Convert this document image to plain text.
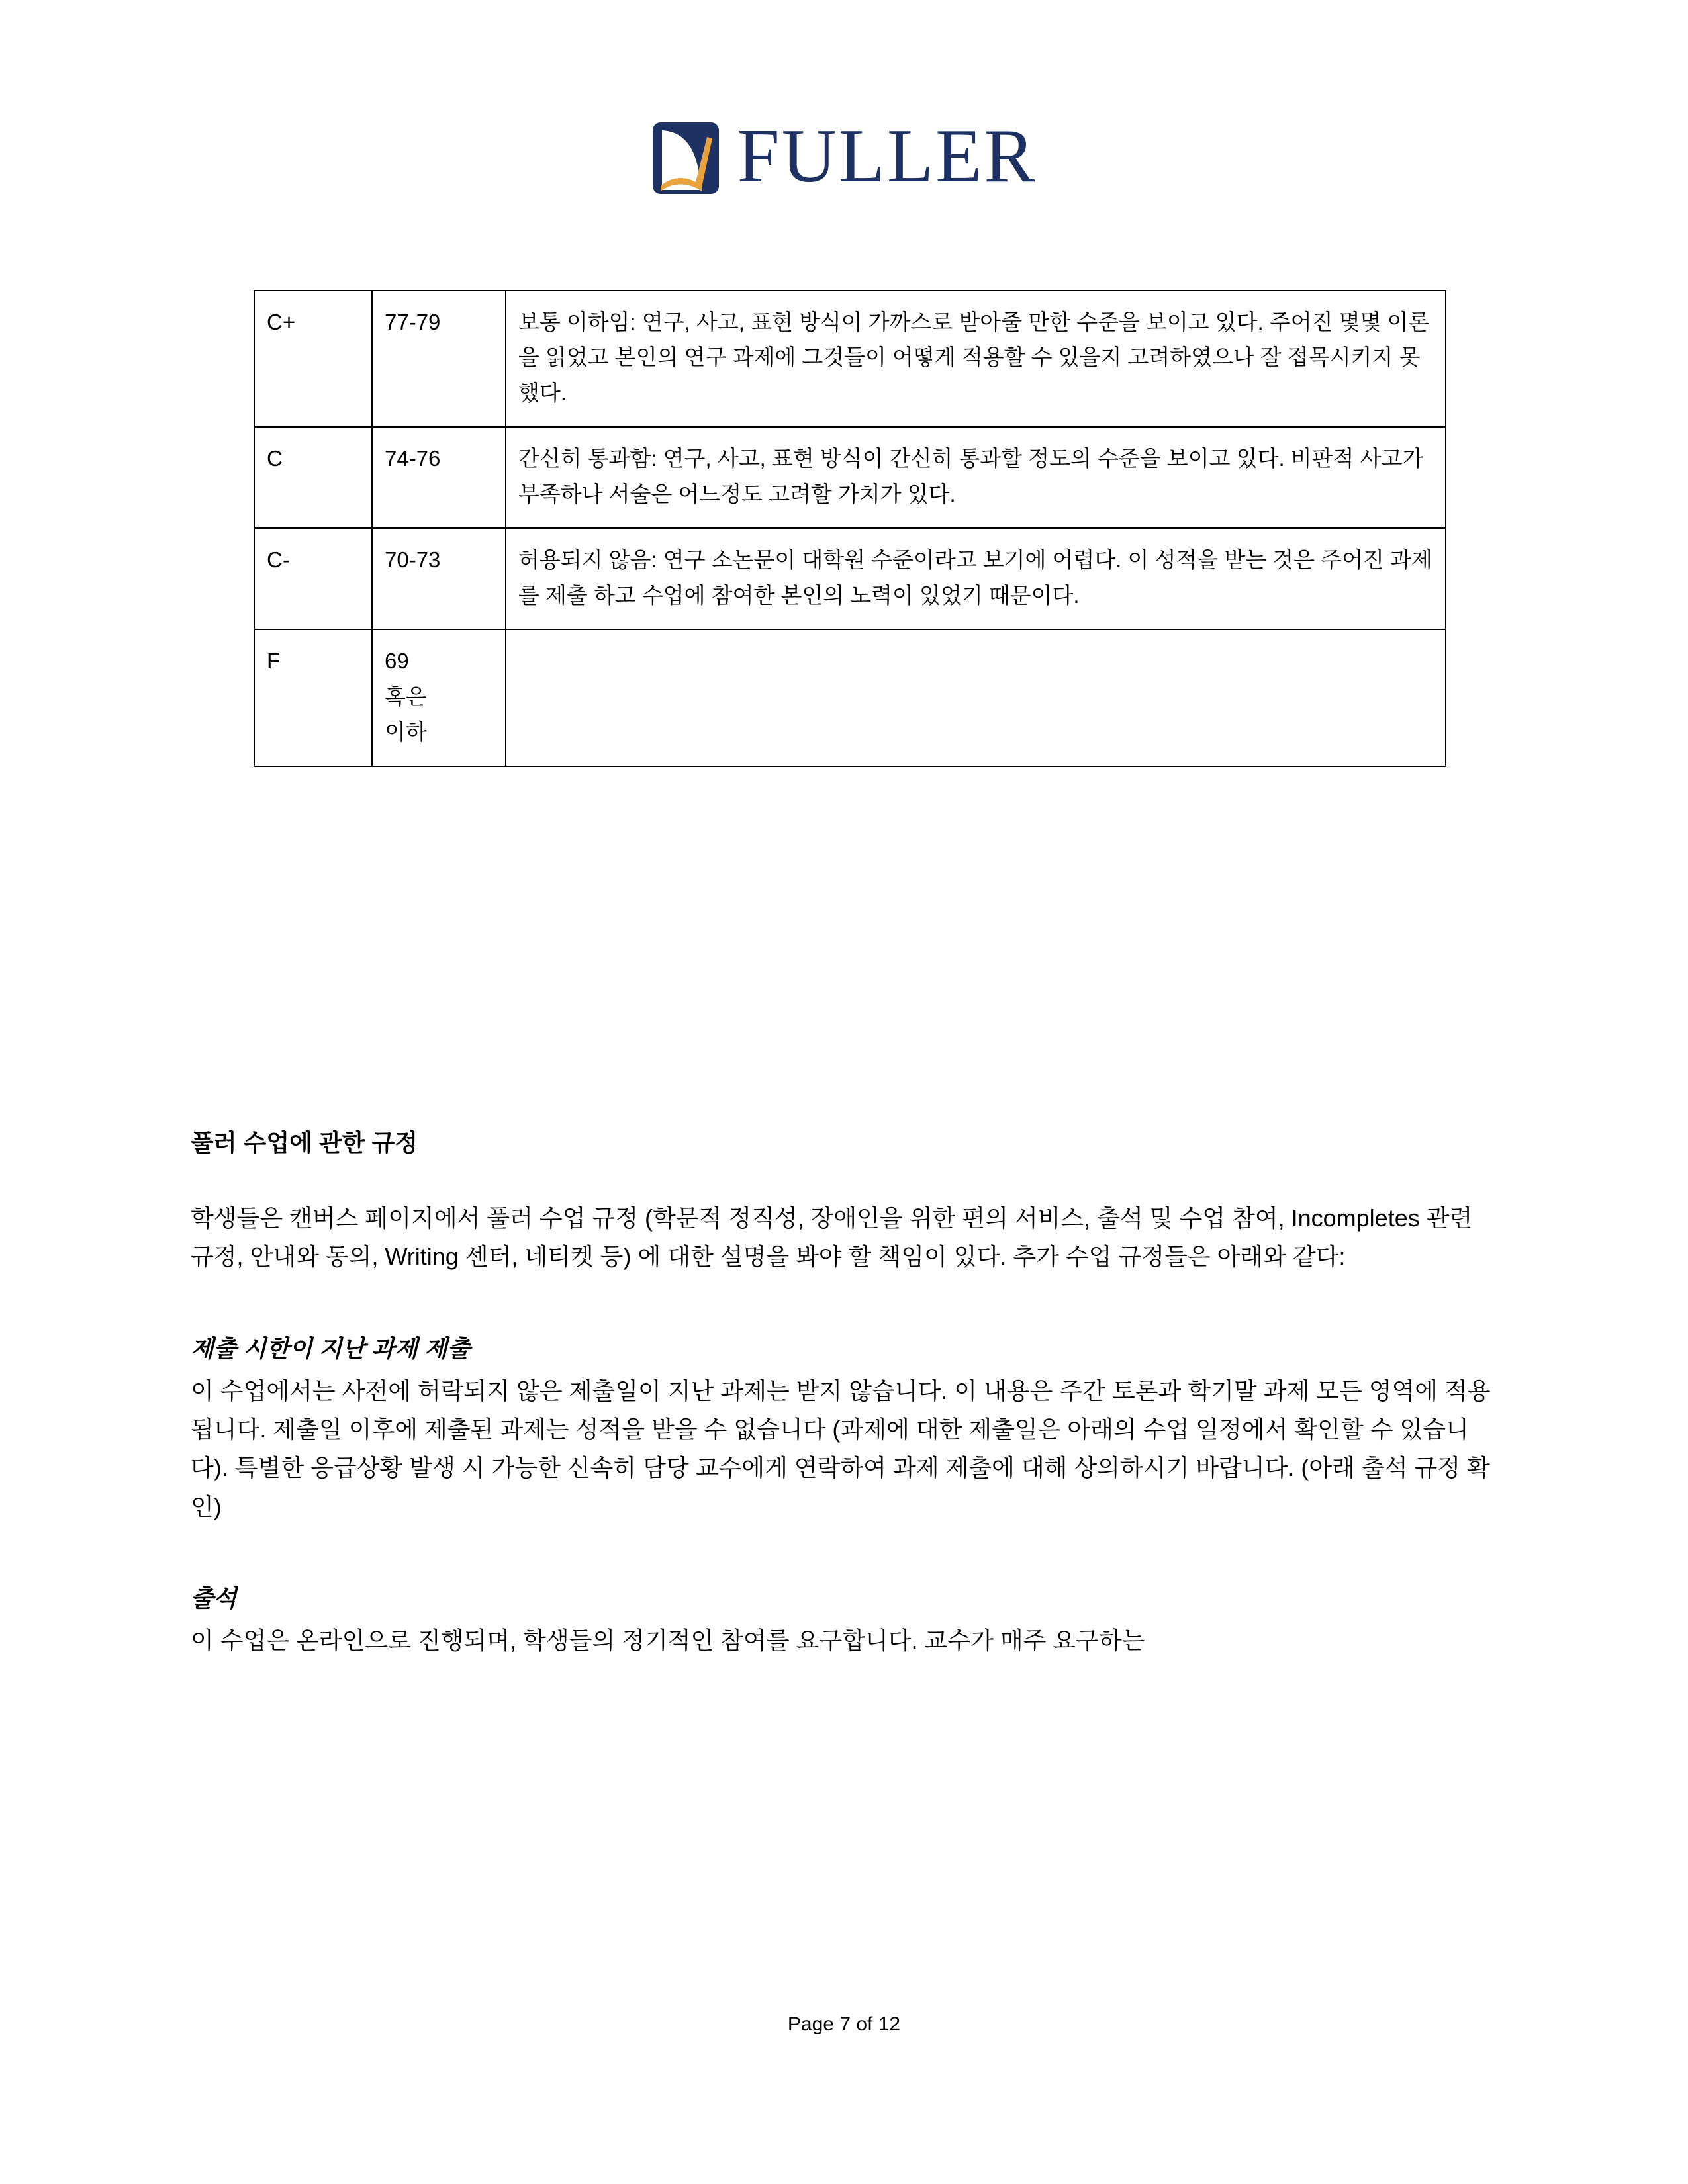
FULLER
C+	77-79	보통 이하임: 연구, 사고, 표현 방식이 가까스로 받아줄 만한 수준을 보이고 있다. 주어진 몇몇 이론을 읽었고 본인의 연구 과제에 그것들이 어떻게 적용할 수 있을지 고려하였으나 잘 접목시키지 못했다.
C	74-76	간신히 통과함: 연구, 사고, 표현 방식이 간신히 통과할 정도의 수준을 보이고 있다. 비판적 사고가 부족하나 서술은 어느정도 고려할 가치가 있다.
C-	70-73	허용되지 않음: 연구 소논문이 대학원 수준이라고 보기에 어렵다. 이 성적을 받는 것은 주어진 과제를 제출 하고 수업에 참여한 본인의 노력이 있었기 때문이다.
F	69
혹은
이하	

풀러 수업에 관한 규정

학생들은 캔버스 페이지에서 풀러 수업 규정 (학문적 정직성, 장애인을 위한 편의 서비스, 출석 및 수업 참여, Incompletes 관련 규정, 안내와 동의, Writing 센터, 네티켓 등) 에 대한 설명을 봐야 할 책임이 있다. 추가 수업 규정들은 아래와 같다:

제출 시한이 지난 과제 제출

이 수업에서는 사전에 허락되지 않은 제출일이 지난 과제는 받지 않습니다. 이 내용은 주간 토론과 학기말 과제 모든 영역에 적용됩니다. 제출일 이후에 제출된 과제는 성적을 받을 수 없습니다 (과제에 대한 제출일은 아래의 수업 일정에서 확인할 수 있습니다). 특별한 응급상황 발생 시 가능한 신속히 담당 교수에게 연락하여 과제 제출에 대해 상의하시기 바랍니다. (아래 출석 규정 확인)

출석

이 수업은 온라인으로 진행되며, 학생들의 정기적인 참여를 요구합니다. 교수가 매주 요구하는

Page 7 of 12
